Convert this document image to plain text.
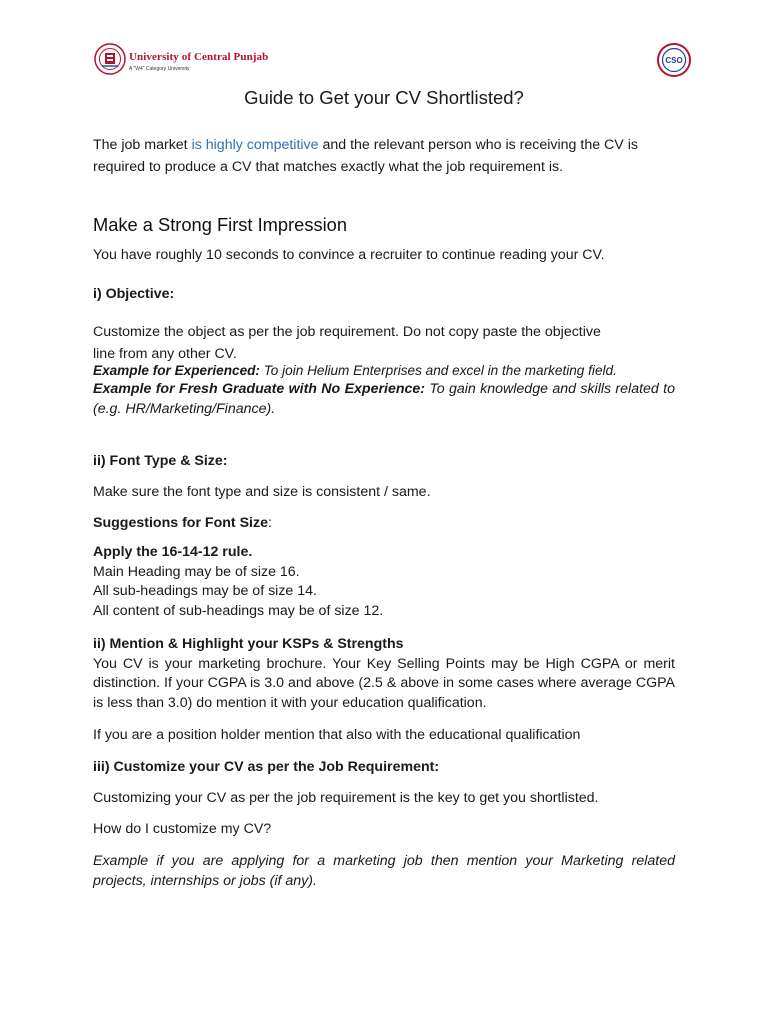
University of Central Punjab
A "W4" Category University
CSO
Guide to Get your CV Shortlisted?

The job market is highly competitive and the relevant person who is receiving the CV is required to produce a CV that matches exactly what the job requirement is.

Make a Strong First Impression

You have roughly 10 seconds to convince a recruiter to continue reading your CV.

i) Objective:

Customize the object as per the job requirement. Do not copy paste the objective
line from any other CV.

Example for Experienced: To join Helium Enterprises and excel in the marketing field.

Example for Fresh Graduate with No Experience: To gain knowledge and skills related to (e.g. HR/Marketing/Finance).

ii) Font Type & Size:

Make sure the font type and size is consistent / same.

Suggestions for Font Size:

Apply the 16-14-12 rule.
Main Heading may be of size 16.
All sub-headings may be of size 14.
All content of sub-headings may be of size 12.

ii) Mention & Highlight your KSPs & Strengths
You CV is your marketing brochure. Your Key Selling Points may be High CGPA or merit distinction. If your CGPA is 3.0 and above (2.5 & above in some cases where average CGPA is less than 3.0) do mention it with your education qualification.

If you are a position holder mention that also with the educational qualification

iii) Customize your CV as per the Job Requirement:

Customizing your CV as per the job requirement is the key to get you shortlisted.

How do I customize my CV?

Example if you are applying for a marketing job then mention your Marketing related projects, internships or jobs (if any).
